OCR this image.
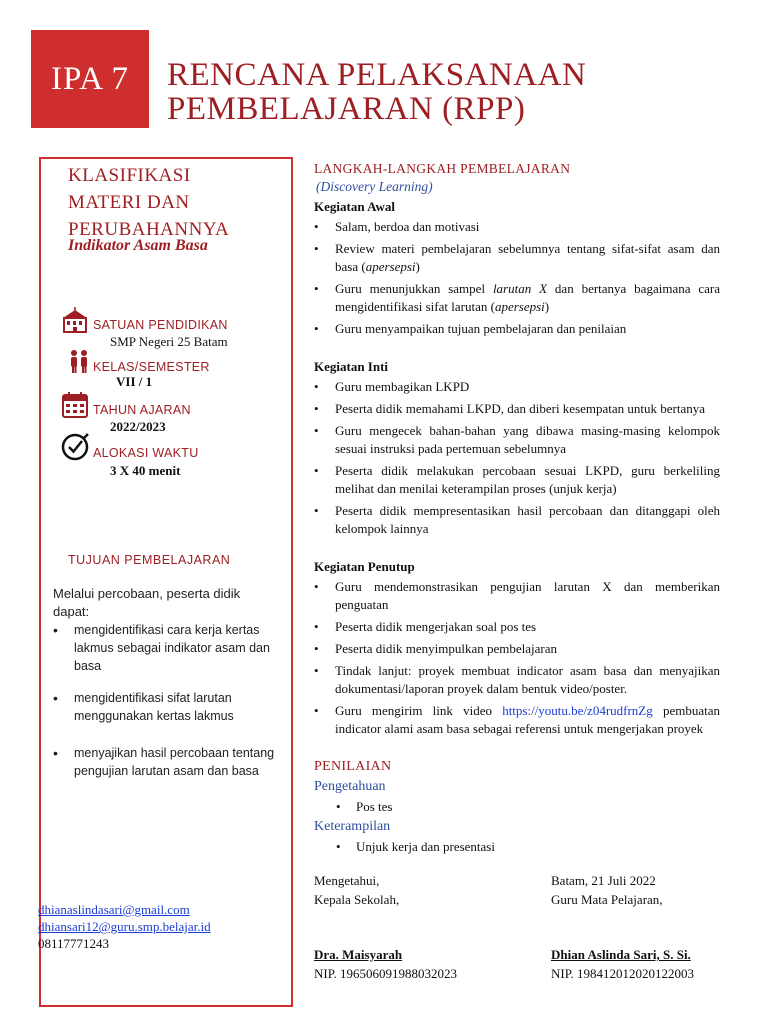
IPA 7 RENCANA PELAKSANAAN
PEMBELAJARAN (RPP)
KLASIFIKASI
MATERI DAN
PERUBAHANNYA
Indikator Asam Basa
SATUAN PENDIDIKAN
SMP Negeri 25 Batam
KELAS/SEMESTER
VII / 1
TAHUN AJARAN
2022/2023
ALOKASI WAKTU
3 X 40 menit
TUJUAN PEMBELAJARAN
Melalui percobaan, peserta didik dapat:
• mengidentifikasi cara kerja kertas lakmus sebagai indikator asam dan basa
• mengidentifikasi sifat larutan menggunakan kertas lakmus
• menyajikan hasil percobaan tentang pengujian larutan asam dan basa
dhianaslindasari@gmail.com
dhiansari12@guru.smp.belajar.id
08117771243
LANGKAH-LANGKAH PEMBELAJARAN
(Discovery Learning)
Kegiatan Awal
• Salam, berdoa dan motivasi
• Review materi pembelajaran sebelumnya tentang sifat-sifat asam dan basa (apersepsi)
• Guru menunjukkan sampel larutan X dan bertanya bagaimana cara mengidentifikasi sifat larutan (apersepsi)
• Guru menyampaikan tujuan pembelajaran dan penilaian
Kegiatan Inti
• Guru membagikan LKPD
• Peserta didik memahami LKPD, dan diberi kesempatan untuk bertanya
• Guru mengecek bahan-bahan yang dibawa masing-masing kelompok sesuai instruksi pada pertemuan sebelumnya
• Peserta didik melakukan percobaan sesuai LKPD, guru berkeliling melihat dan menilai keterampilan proses (unjuk kerja)
• Peserta didik mempresentasikan hasil percobaan dan ditanggapi oleh kelompok lainnya
Kegiatan Penutup
• Guru mendemonstrasikan pengujian larutan X dan memberikan penguatan
• Peserta didik mengerjakan soal pos tes
• Peserta didik menyimpulkan pembelajaran
• Tindak lanjut: proyek membuat indicator asam basa dan menyajikan dokumentasi/laporan proyek dalam bentuk video/poster.
• Guru mengirim link video https://youtu.be/z04rudfrnZg pembuatan indicator alami asam basa sebagai referensi untuk mengerjakan proyek
PENILAIAN
Pengetahuan
• Pos tes
Keterampilan
• Unjuk kerja dan presentasi
Mengetahui,
Kepala Sekolah,
Dra. Maisyarah
NIP. 196506091988032023
Batam, 21 Juli 2022
Guru Mata Pelajaran,
Dhian Aslinda Sari, S. Si.
NIP. 198412012020122003
